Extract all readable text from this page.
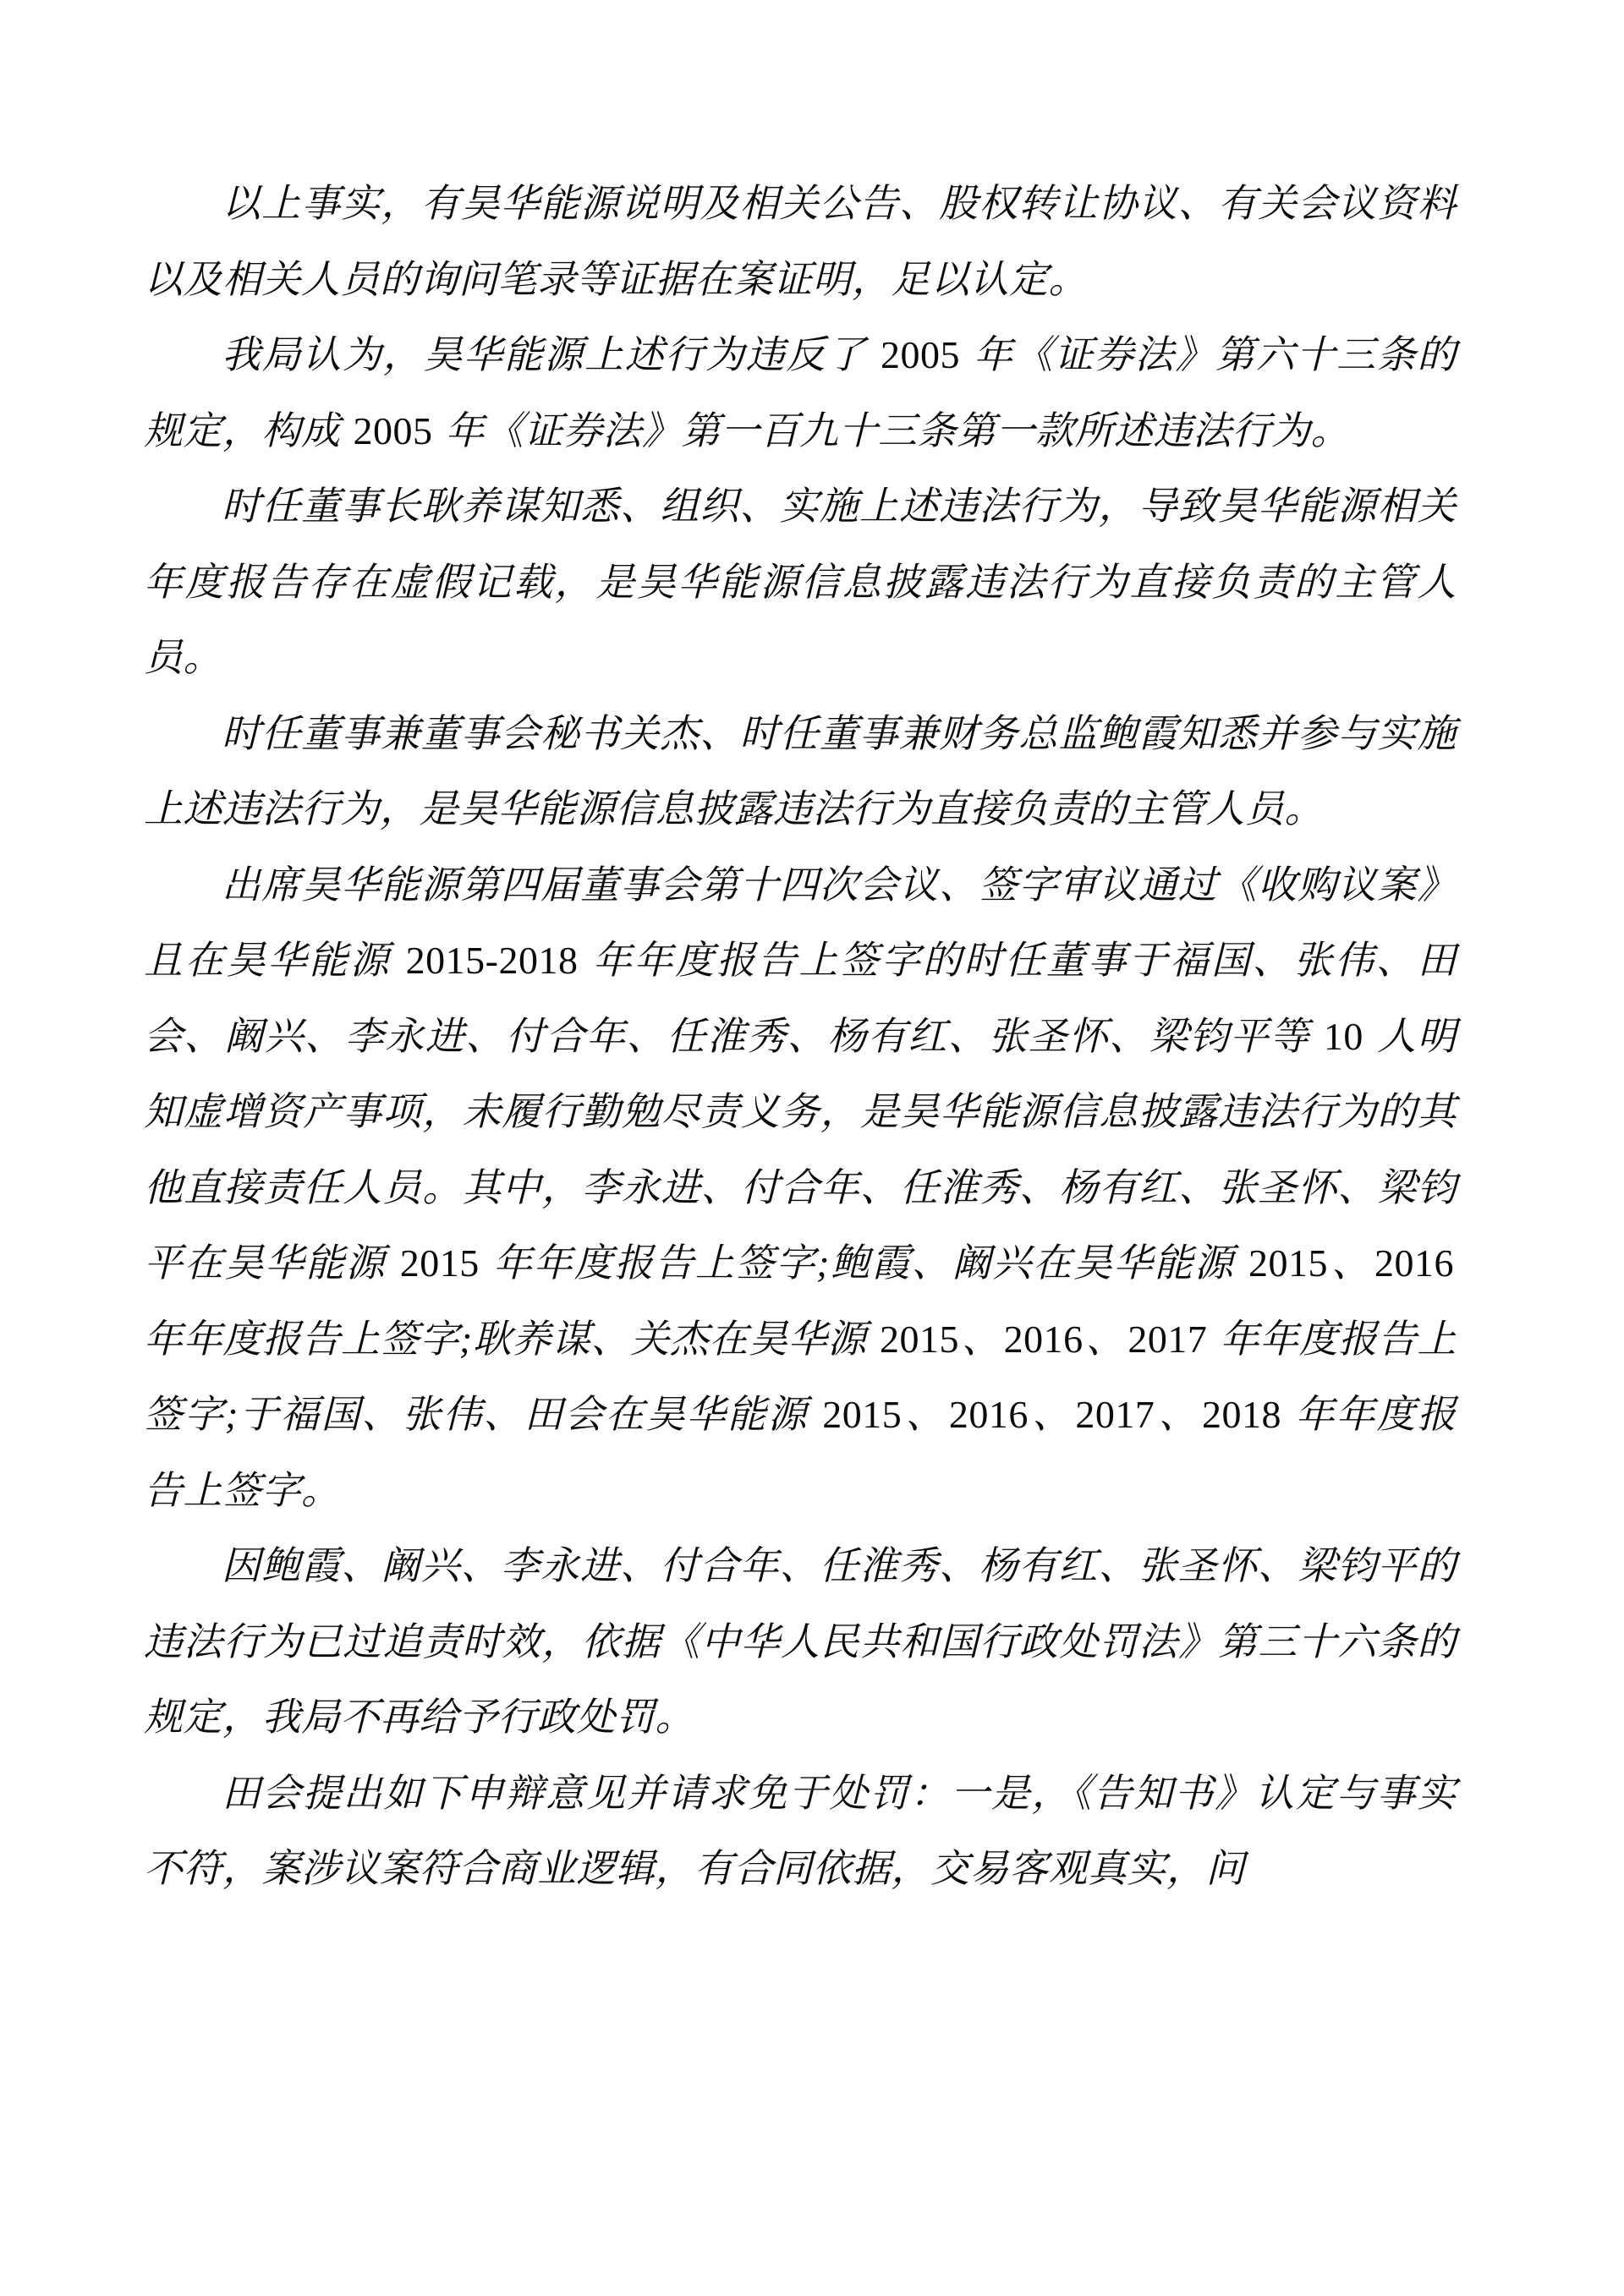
以上事实，有昊华能源说明及相关公告、股权转让协议、有关会议资料以及相关人员的询问笔录等证据在案证明，足以认定。

我局认为，昊华能源上述行为违反了 2005 年《证券法》第六十三条的规定，构成 2005 年《证券法》第一百九十三条第一款所述违法行为。

时任董事长耿养谋知悉、组织、实施上述违法行为，导致昊华能源相关年度报告存在虚假记载，是昊华能源信息披露违法行为直接负责的主管人员。

时任董事兼董事会秘书关杰、时任董事兼财务总监鲍霞知悉并参与实施上述违法行为，是昊华能源信息披露违法行为直接负责的主管人员。

出席昊华能源第四届董事会第十四次会议、签字审议通过《收购议案》且在昊华能源 2015-2018 年年度报告上签字的时任董事于福国、张伟、田会、阚兴、李永进、付合年、任淮秀、杨有红、张圣怀、梁钧平等 10 人明知虚增资产事项，未履行勤勉尽责义务，是昊华能源信息披露违法行为的其他直接责任人员。其中，李永进、付合年、任淮秀、杨有红、张圣怀、梁钧平在昊华能源 2015 年年度报告上签字;鲍霞、阚兴在昊华能源 2015、2016 年年度报告上签字;耿养谋、关杰在昊华源 2015、2016、2017 年年度报告上签字;于福国、张伟、田会在昊华能源 2015、2016、2017、2018 年年度报告上签字。

因鲍霞、阚兴、李永进、付合年、任淮秀、杨有红、张圣怀、梁钧平的违法行为已过追责时效，依据《中华人民共和国行政处罚法》第三十六条的规定，我局不再给予行政处罚。

田会提出如下申辩意见并请求免于处罚：一是，《告知书》认定与事实不符，案涉议案符合商业逻辑，有合同依据，交易客观真实，问
